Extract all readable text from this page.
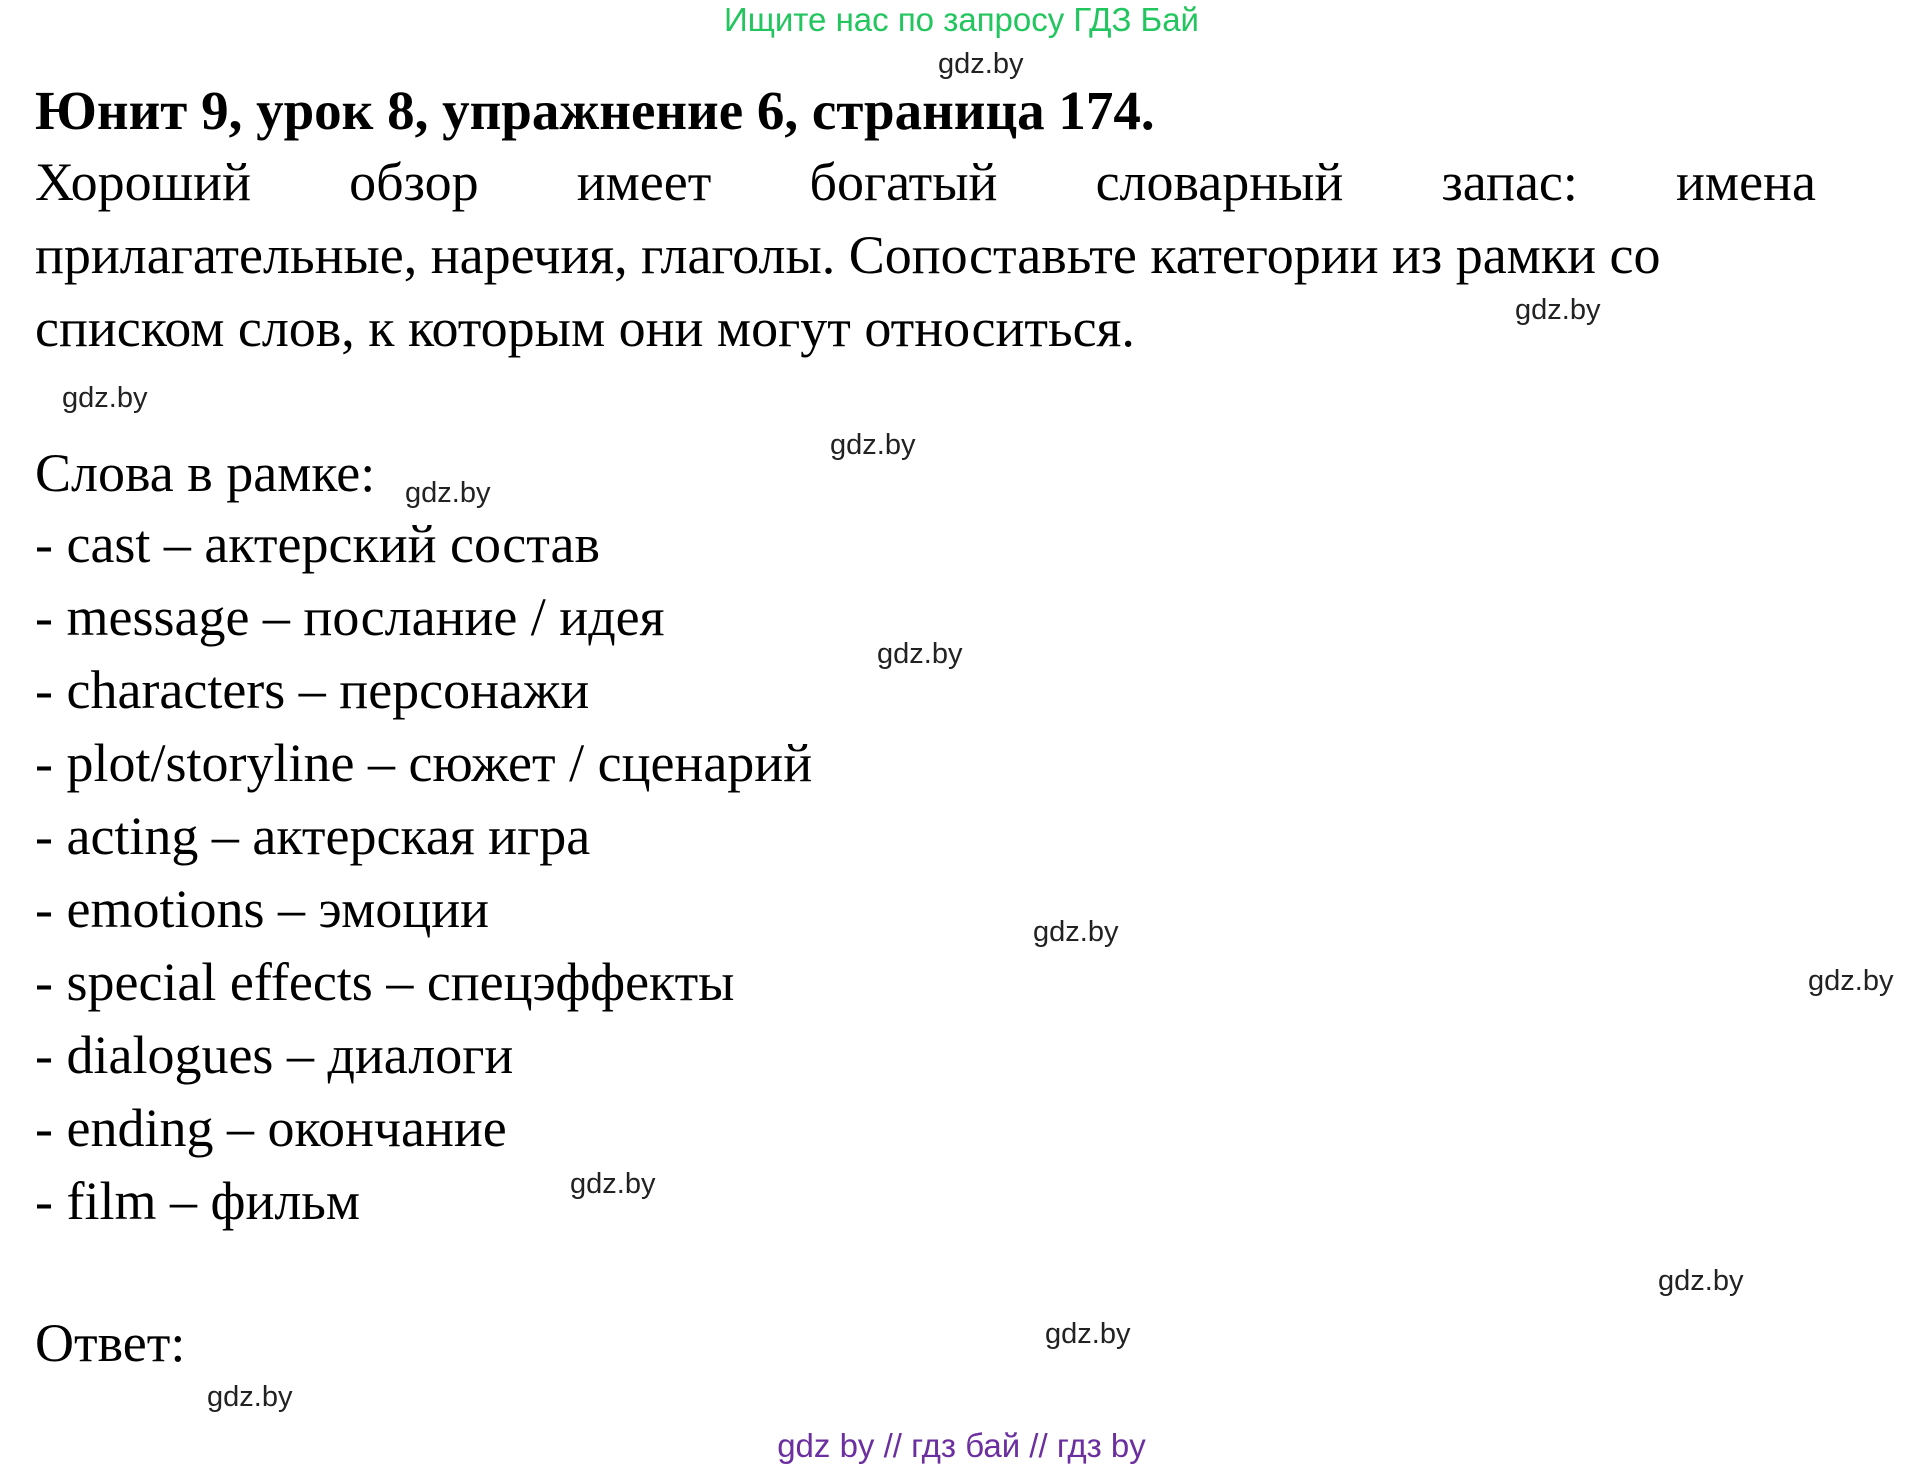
Ищите нас по запросу ГДЗ Бай
gdz.by
gdz.by
gdz.by
gdz.by
gdz.by
gdz.by
gdz.by
gdz.by
gdz.by
gdz.by
gdz.by
gdz.by
Юнит 9, урок 8, упражнение 6, страница 174.
Хороший обзор имеет богатый словарный запас: имена
прилагательные, наречия, глаголы. Сопоставьте категории из рамки со
списком слов, к которым они могут относиться.
Слова в рамке:
- cast – актерский состав
- message – послание / идея
- characters – персонажи
- plot/storyline – сюжет / сценарий
- acting – актерская игра
- emotions – эмоции
- special effects – спецэффекты
- dialogues – диалоги
- ending – окончание
- film – фильм
Ответ:
gdz by // гдз бай // гдз by
